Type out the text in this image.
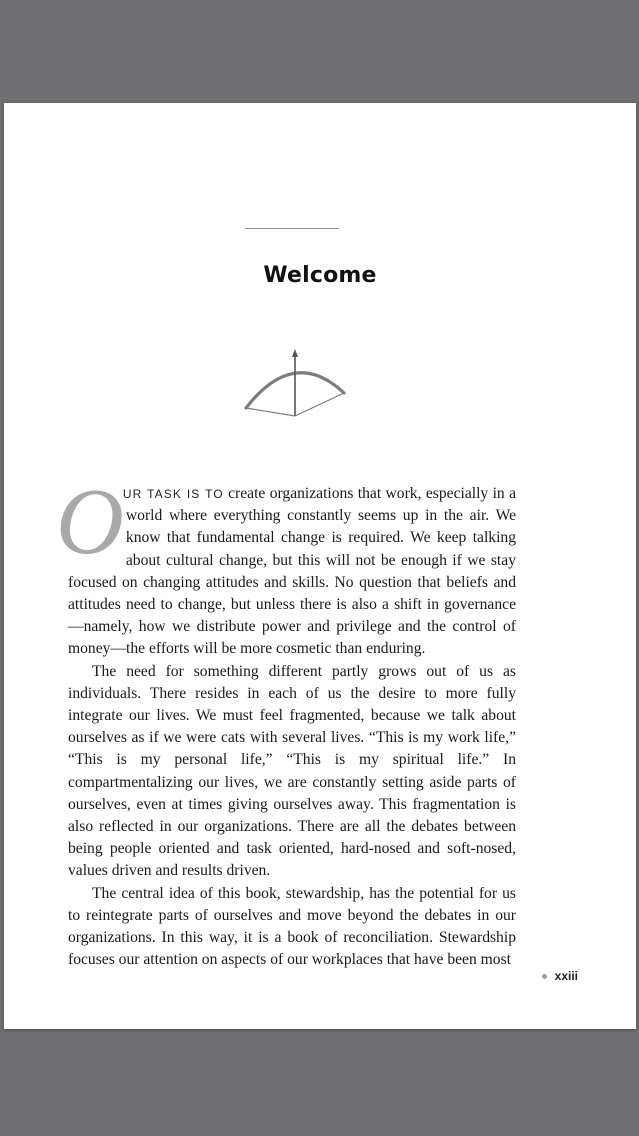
Welcome

OUR TASK IS TO create organizations that work, especially in a world where everything constantly seems up in the air. We know that fundamental change is required. We keep talking about cultural change, but this will not be enough if we stay focused on changing attitudes and skills. No question that beliefs and attitudes need to change, but unless there is also a shift in governance—namely, how we distribute power and privilege and the control of money—the efforts will be more cosmetic than enduring.

The need for something different partly grows out of us as individuals. There resides in each of us the desire to more fully integrate our lives. We must feel fragmented, because we talk about ourselves as if we were cats with several lives. “This is my work life,” “This is my personal life,” “This is my spiritual life.” In compartmentalizing our lives, we are constantly setting aside parts of ourselves, even at times giving ourselves away. This fragmentation is also reflected in our organizations. There are all the debates between being people oriented and task oriented, hard-nosed and soft-nosed, values driven and results driven.

The central idea of this book, stewardship, has the potential for us to reintegrate parts of ourselves and move beyond the debates in our organizations. In this way, it is a book of reconciliation. Stewardship focuses our attention on aspects of our workplaces that have been most

xxiii
